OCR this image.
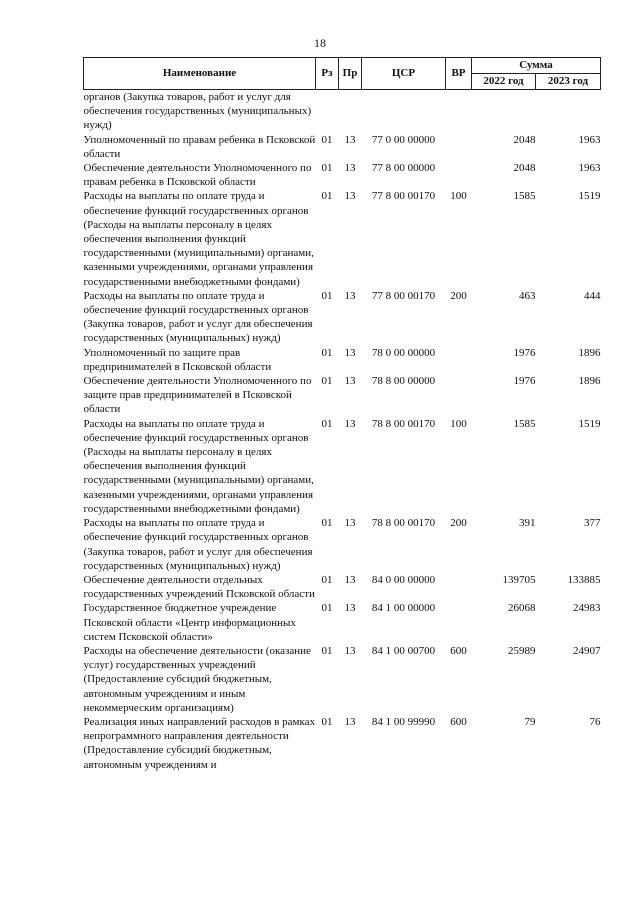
18
Наименование	Рз	Пр	ЦСР	ВР	Сумма	
					2022 год	2023 год
органов (Закупка товаров, работ и услуг для обеспечения государственных (муниципальных) нужд)						
Уполномоченный по правам ребенка в Псковской области	01	13	77 0 00 00000		2048	1963
Обеспечение деятельности Уполномоченного по правам ребенка в Псковской области	01	13	77 8 00 00000		2048	1963
Расходы на выплаты по оплате труда и обеспечение функций государственных органов (Расходы на выплаты персоналу в целях обеспечения выполнения функций государственными (муниципальными) органами, казенными учреждениями, органами управления государственными внебюджетными фондами)	01	13	77 8 00 00170	100	1585	1519
Расходы на выплаты по оплате труда и обеспечение функций государственных органов (Закупка товаров, работ и услуг для обеспечения государственных (муниципальных) нужд)	01	13	77 8 00 00170	200	463	444
Уполномоченный по защите прав предпринимателей в Псковской области	01	13	78 0 00 00000		1976	1896
Обеспечение деятельности Уполномоченного по защите прав предпринимателей в Псковской области	01	13	78 8 00 00000		1976	1896
Расходы на выплаты по оплате труда и обеспечение функций государственных органов (Расходы на выплаты персоналу в целях обеспечения выполнения функций государственными (муниципальными) органами, казенными учреждениями, органами управления государственными внебюджетными фондами)	01	13	78 8 00 00170	100	1585	1519
Расходы на выплаты по оплате труда и обеспечение функций государственных органов (Закупка товаров, работ и услуг для обеспечения государственных (муниципальных) нужд)	01	13	78 8 00 00170	200	391	377
Обеспечение деятельности отдельных государственных учреждений Псковской области	01	13	84 0 00 00000		139705	133885
Государственное бюджетное учреждение Псковской области «Центр информационных систем Псковской области»	01	13	84 1 00 00000		26068	24983
Расходы на обеспечение деятельности (оказание услуг) государственных учреждений (Предоставление субсидий бюджетным, автономным учреждениям и иным некоммерческим организациям)	01	13	84 1 00 00700	600	25989	24907
Реализация иных направлений расходов в рамках непрограммного направления деятельности (Предоставление субсидий бюджетным, автономным учреждениям и	01	13	84 1 00 99990	600	79	76
